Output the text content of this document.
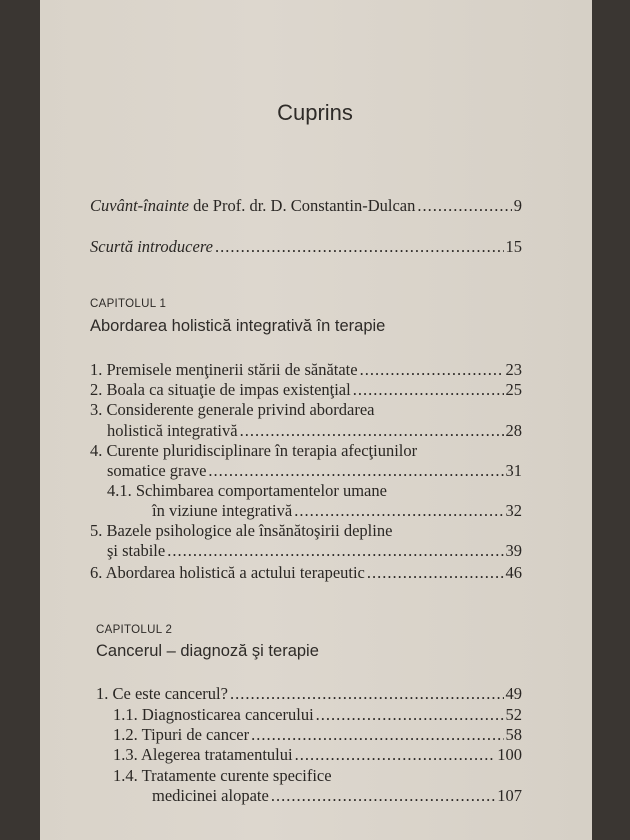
Cuprins
Cuvânt-înainte de Prof. dr. D. Constantin-Dulcan .....	9
Scurtă introducere .....	15
CAPITOLUL 1
Abordarea holistică integrativă în terapie
1. Premisele menţinerii stării de sănătate .....	23
2. Boala ca situaţie de impas existenţial .....	25
3. Considerente generale privind abordarea
holistică integrativă .....	28
4. Curente pluridisciplinare în terapia afecţiunilor
somatice grave .....	31
4.1. Schimbarea comportamentelor umane
în viziune integrativă .....	32
5. Bazele psihologice ale însănătoşirii depline
şi stabile .....	39
6. Abordarea holistică a actului terapeutic .....	46
CAPITOLUL 2
Cancerul – diagnoză şi terapie
1. Ce este cancerul? .....	49
1.1. Diagnosticarea cancerului .....	52
1.2. Tipuri de cancer .....	58
1.3. Alegerea tratamentului .....	100
1.4. Tratamente curente specifice
medicinei alopate .....	107
